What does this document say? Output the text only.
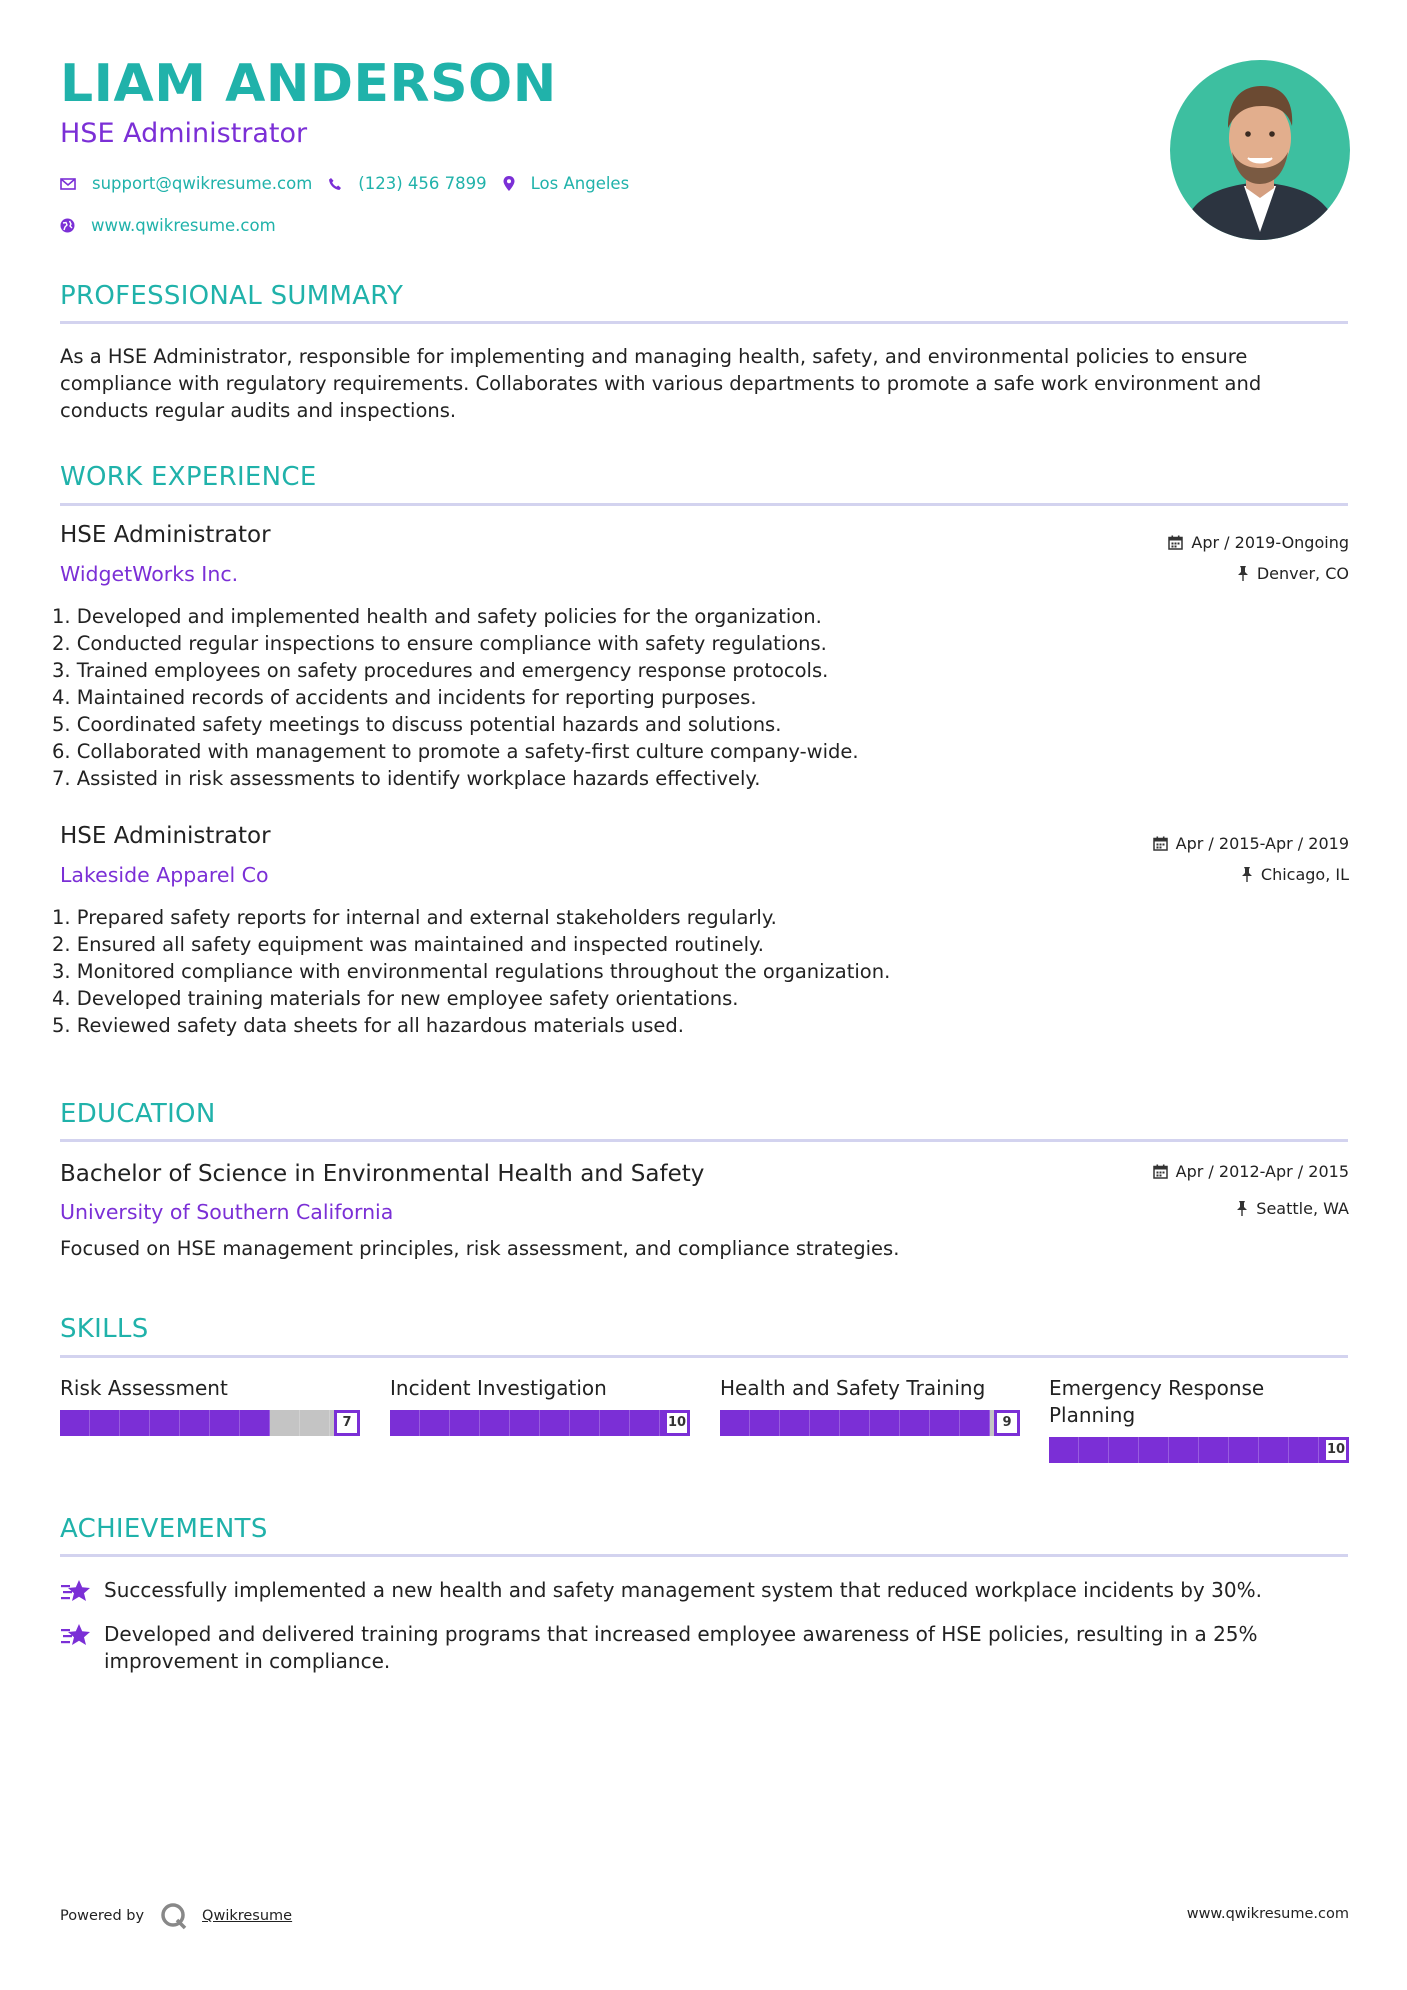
LIAM ANDERSON
HSE Administrator
support@qwikresume.com	(123) 456 7899	Los Angeles
www.qwikresume.com
PROFESSIONAL SUMMARY

As a HSE Administrator, responsible for implementing and managing health, safety, and environmental policies to ensure compliance with regulatory requirements. Collaborates with various departments to promote a safe work environment and conducts regular audits and inspections.

WORK EXPERIENCE
HSE Administrator
WidgetWorks Inc.
Apr / 2019-Ongoing
Denver, CO
1. Developed and implemented health and safety policies for the organization.
2. Conducted regular inspections to ensure compliance with safety regulations.
3. Trained employees on safety procedures and emergency response protocols.
4. Maintained records of accidents and incidents for reporting purposes.
5. Coordinated safety meetings to discuss potential hazards and solutions.
6. Collaborated with management to promote a safety-first culture company-wide.
7. Assisted in risk assessments to identify workplace hazards effectively.
HSE Administrator
Lakeside Apparel Co
Apr / 2015-Apr / 2019
Chicago, IL
1. Prepared safety reports for internal and external stakeholders regularly.
2. Ensured all safety equipment was maintained and inspected routinely.
3. Monitored compliance with environmental regulations throughout the organization.
4. Developed training materials for new employee safety orientations.
5. Reviewed safety data sheets for all hazardous materials used.
EDUCATION
Bachelor of Science in Environmental Health and Safety
University of Southern California
Apr / 2012-Apr / 2015
Seattle, WA

Focused on HSE management principles, risk assessment, and compliance strategies.

SKILLS
Risk Assessment
7
Incident Investigation
10
Health and Safety Training
9
Emergency Response Planning
10
ACHIEVEMENTS
Successfully implemented a new health and safety management system that reduced workplace incidents by 30%.
Developed and delivered training programs that increased employee awareness of HSE policies, resulting in a 25% improvement in compliance.
Powered by	Qwikresume	www.qwikresume.com
